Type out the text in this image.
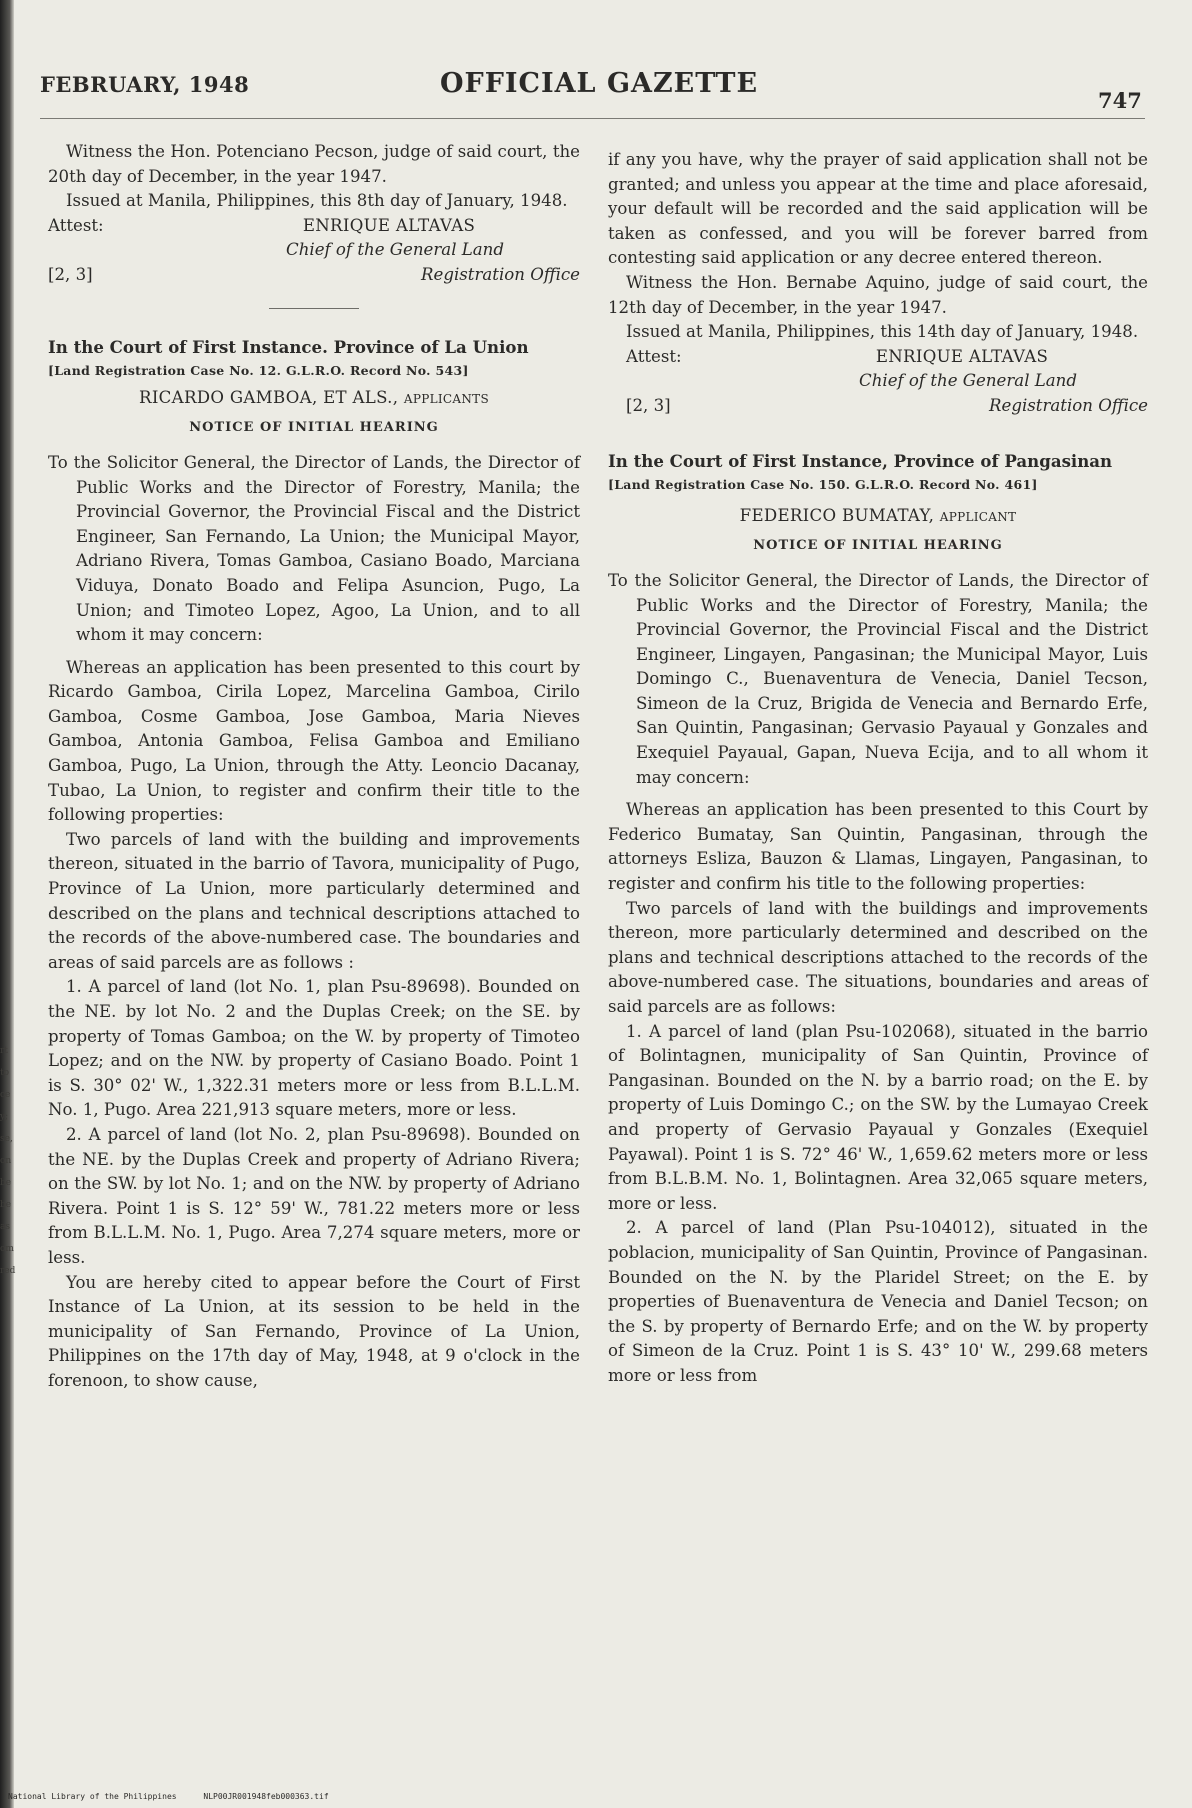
FEBRUARY, 1948	OFFICIAL GAZETTE
747

Witness the Hon. Potenciano Pecson, judge of said court, the 20th day of December, in the year 1947.

Issued at Manila, Philippines, this 8th day of January, 1948.

Attest:	ENRIQUE ALTAVAS
Chief of the General Land
[2, 3]	Registration Office

In the Court of First Instance. Province of La Union

[Land Registration Case No. 12. G.L.R.O. Record No. 543]

RICARDO GAMBOA, ET ALS., applicants

NOTICE OF INITIAL HEARING

To the Solicitor General, the Director of Lands, the Director of Public Works and the Director of Forestry, Manila; the Provincial Governor, the Provincial Fiscal and the District Engineer, San Fernando, La Union; the Municipal Mayor, Adriano Rivera, Tomas Gamboa, Casiano Boado, Marciana Viduya, Donato Boado and Felipa Asuncion, Pugo, La Union; and Timoteo Lopez, Agoo, La Union, and to all whom it may concern:

Whereas an application has been presented to this court by Ricardo Gamboa, Cirila Lopez, Marcelina Gamboa, Cirilo Gamboa, Cosme Gamboa, Jose Gamboa, Maria Nieves Gamboa, Antonia Gamboa, Felisa Gamboa and Emiliano Gamboa, Pugo, La Union, through the Atty. Leoncio Dacanay, Tubao, La Union, to register and confirm their title to the following properties:

Two parcels of land with the building and improvements thereon, situated in the barrio of Tavora, municipality of Pugo, Province of La Union, more particularly determined and described on the plans and technical descriptions attached to the records of the above-numbered case. The boundaries and areas of said parcels are as follows :

1. A parcel of land (lot No. 1, plan Psu-89698). Bounded on the NE. by lot No. 2 and the Duplas Creek; on the SE. by property of Tomas Gamboa; on the W. by property of Timoteo Lopez; and on the NW. by property of Casiano Boado. Point 1 is S. 30° 02' W., 1,322.31 meters more or less from B.L.L.M. No. 1, Pugo. Area 221,913 square meters, more or less.

2. A parcel of land (lot No. 2, plan Psu-89698). Bounded on the NE. by the Duplas Creek and property of Adriano Rivera; on the SW. by lot No. 1; and on the NW. by property of Adriano Rivera. Point 1 is S. 12° 59' W., 781.22 meters more or less from B.L.L.M. No. 1, Pugo. Area 7,274 square meters, more or less.

You are hereby cited to appear before the Court of First Instance of La Union, at its session to be held in the municipality of San Fernando, Province of La Union, Philippines on the 17th day of May, 1948, at 9 o'clock in the forenoon, to show cause,

if any you have, why the prayer of said application shall not be granted; and unless you appear at the time and place aforesaid, your default will be recorded and the said application will be taken as confessed, and you will be forever barred from contesting said application or any decree entered thereon.

Witness the Hon. Bernabe Aquino, judge of said court, the 12th day of December, in the year 1947.

Issued at Manila, Philippines, this 14th day of January, 1948.

Attest:	ENRIQUE ALTAVAS
Chief of the General Land
[2, 3]	Registration Office

In the Court of First Instance, Province of Pangasinan

[Land Registration Case No. 150. G.L.R.O. Record No. 461]

FEDERICO BUMATAY, applicant

NOTICE OF INITIAL HEARING

To the Solicitor General, the Director of Lands, the Director of Public Works and the Director of Forestry, Manila; the Provincial Governor, the Provincial Fiscal and the District Engineer, Lingayen, Pangasinan; the Municipal Mayor, Luis Domingo C., Buenaventura de Venecia, Daniel Tecson, Simeon de la Cruz, Brigida de Venecia and Bernardo Erfe, San Quintin, Pangasinan; Gervasio Payaual y Gonzales and Exequiel Payaual, Gapan, Nueva Ecija, and to all whom it may concern:

Whereas an application has been presented to this Court by Federico Bumatay, San Quintin, Pangasinan, through the attorneys Esliza, Bauzon & Llamas, Lingayen, Pangasinan, to register and confirm his title to the following properties:

Two parcels of land with the buildings and improvements thereon, more particularly determined and described on the plans and technical descriptions attached to the records of the above-numbered case. The situations, boundaries and areas of said parcels are as follows:

1. A parcel of land (plan Psu-102068), situated in the barrio of Bolintagnen, municipality of San Quintin, Province of Pangasinan. Bounded on the N. by a barrio road; on the E. by property of Luis Domingo C.; on the SW. by the Lumayao Creek and property of Gervasio Payaual y Gonzales (Exequiel Payawal). Point 1 is S. 72° 46' W., 1,659.62 meters more or less from B.L.B.M. No. 1, Bolintagnen. Area 32,065 square meters, more or less.

2. A parcel of land (Plan Psu-104012), situated in the poblacion, municipality of San Quintin, Province of Pangasinan. Bounded on the N. by the Plaridel Street; on the E. by properties of Buenaventura de Venecia and Daniel Tecson; on the S. by property of Bernardo Erfe; and on the W. by property of Simeon de la Cruz. Point 1 is S. 43° 10' W., 299.68 meters more or less from

rt
to
ce
y;
se,
on
be
be
as
om
red
National Library of the Philippines	NLP00JR001948feb000363.tif
